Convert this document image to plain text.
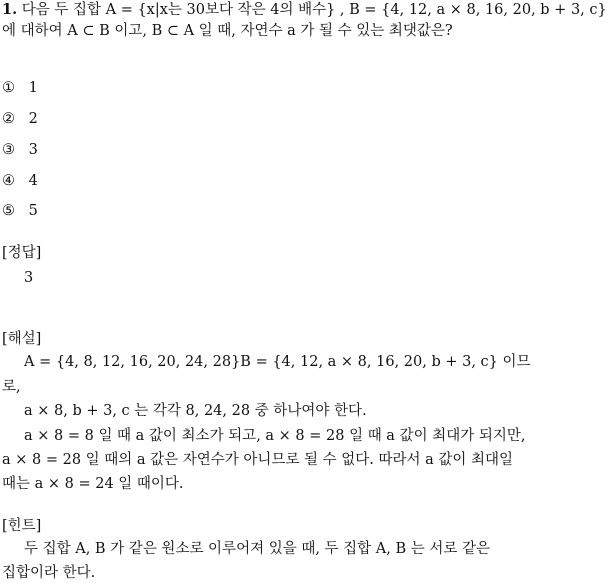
1. 다음 두 집합 A = {x|x는 30보다 작은 4의 배수} , B = {4, 12, a × 8, 16, 20, b + 3, c}
에 대하여 A ⊂ B 이고, B ⊂ A 일 때, 자연수 a 가 될 수 있는 최댓값은?
① 1
② 2
③ 3
④ 4
⑤ 5
[정답]
3
[해설]
A = {4, 8, 12, 16, 20, 24, 28}B = {4, 12, a × 8, 16, 20, b + 3, c} 이므
로,
a × 8, b + 3, c 는 각각 8, 24, 28 중 하나여야 한다.
a × 8 = 8 일 때 a 값이 최소가 되고, a × 8 = 28 일 때 a 값이 최대가 되지만,
a × 8 = 28 일 때의 a 값은 자연수가 아니므로 될 수 없다. 따라서 a 값이 최대일
때는 a × 8 = 24 일 때이다.
[힌트]
두 집합 A, B 가 같은 원소로 이루어져 있을 때, 두 집합 A, B 는 서로 같은
집합이라 한다.
